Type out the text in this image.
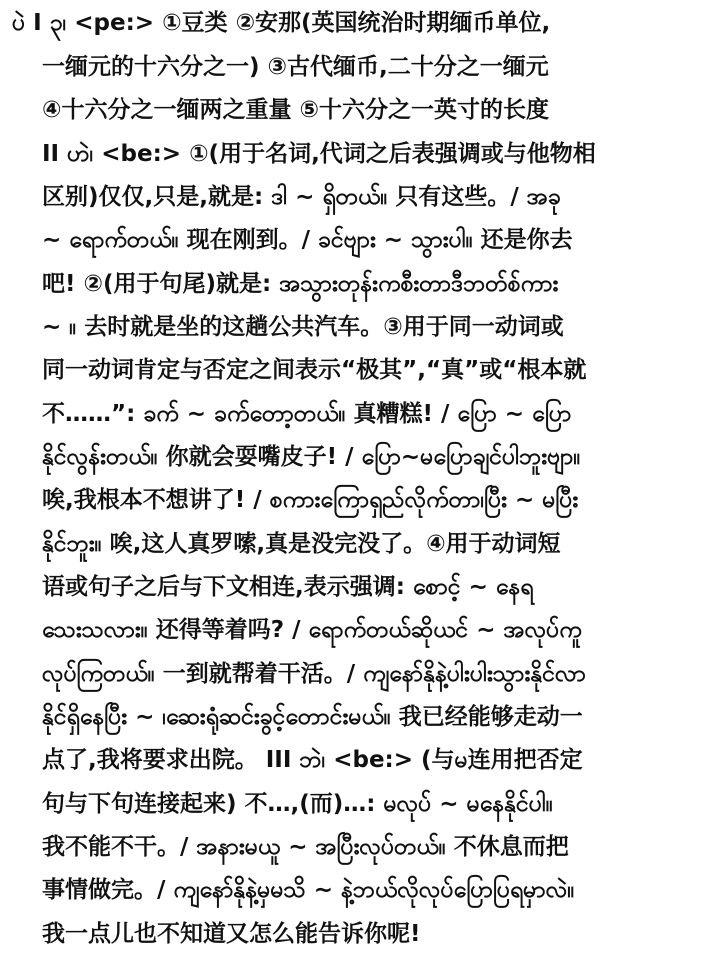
ပဲ I ၃၊ <pe:> ①豆类 ②安那(英国统治时期缅币单位,
一缅元的十六分之一) ③古代缅币,二十分之一缅元
④十六分之一缅两之重量 ⑤十六分之一英寸的长度
II ဟဲ၊ <be:> ①(用于名词,代词之后表强调或与他物相
区别)仅仅,只是,就是: ဒါ ~ ရှိတယ်။ 只有这些。/ အခု
~ ရောက်တယ်။ 现在刚到。/ ခင်ဗျား ~ သွားပါ။ 还是你去
吧! ②(用于句尾)就是: အသွားတုန်းကစီးတာဒီဘတ်စ်ကား
~ ။ 去时就是坐的这趟公共汽车。③用于同一动词或
同一动词肯定与否定之间表示“极其”,“真”或“根本就
不……”: ခက် ~ ခက်တော့တယ်။ 真糟糕! / ပြော ~ ပြော
နိုင်လွန်းတယ်။ 你就会耍嘴皮子! / ပြော~မပြောချင်ပါဘူးဗျာ။
唉,我根本不想讲了! / စကားကြောရှည်လိုက်တာ၊ပြီး ~ မပြီး
နိုင်ဘူး။ 唉,这人真罗嗦,真是没完没了。④用于动词短
语或句子之后与下文相连,表示强调: စောင့် ~ နေရ
သေးသလား။ 还得等着吗? / ရောက်တယ်ဆိုယင် ~ အလုပ်ကူ
လုပ်ကြတယ်။ 一到就帮着干活。/ ကျနော်နိုနဲ့ပါးပါးသွားနိုင်လာ
နိုင်ရှိနေပြီး ~ ၊ဆေးရုံဆင်းခွင့်တောင်းမယ်။ 我已经能够走动一
点了,我将要求出院。 III ဘဲ၊ <be:> (与မ连用把否定
句与下句连接起来) 不…,(而)…: မလုပ် ~ မနေနိုင်ပါ။
我不能不干。/ အနားမယူ ~ အပြီးလုပ်တယ်။ 不休息而把
事情做完。/ ကျနော်နိုနဲ့မှမသိ ~ နဲ့ဘယ်လိုလုပ်ပြောပြရမှာလဲ။
我一点儿也不知道又怎么能告诉你呢!
